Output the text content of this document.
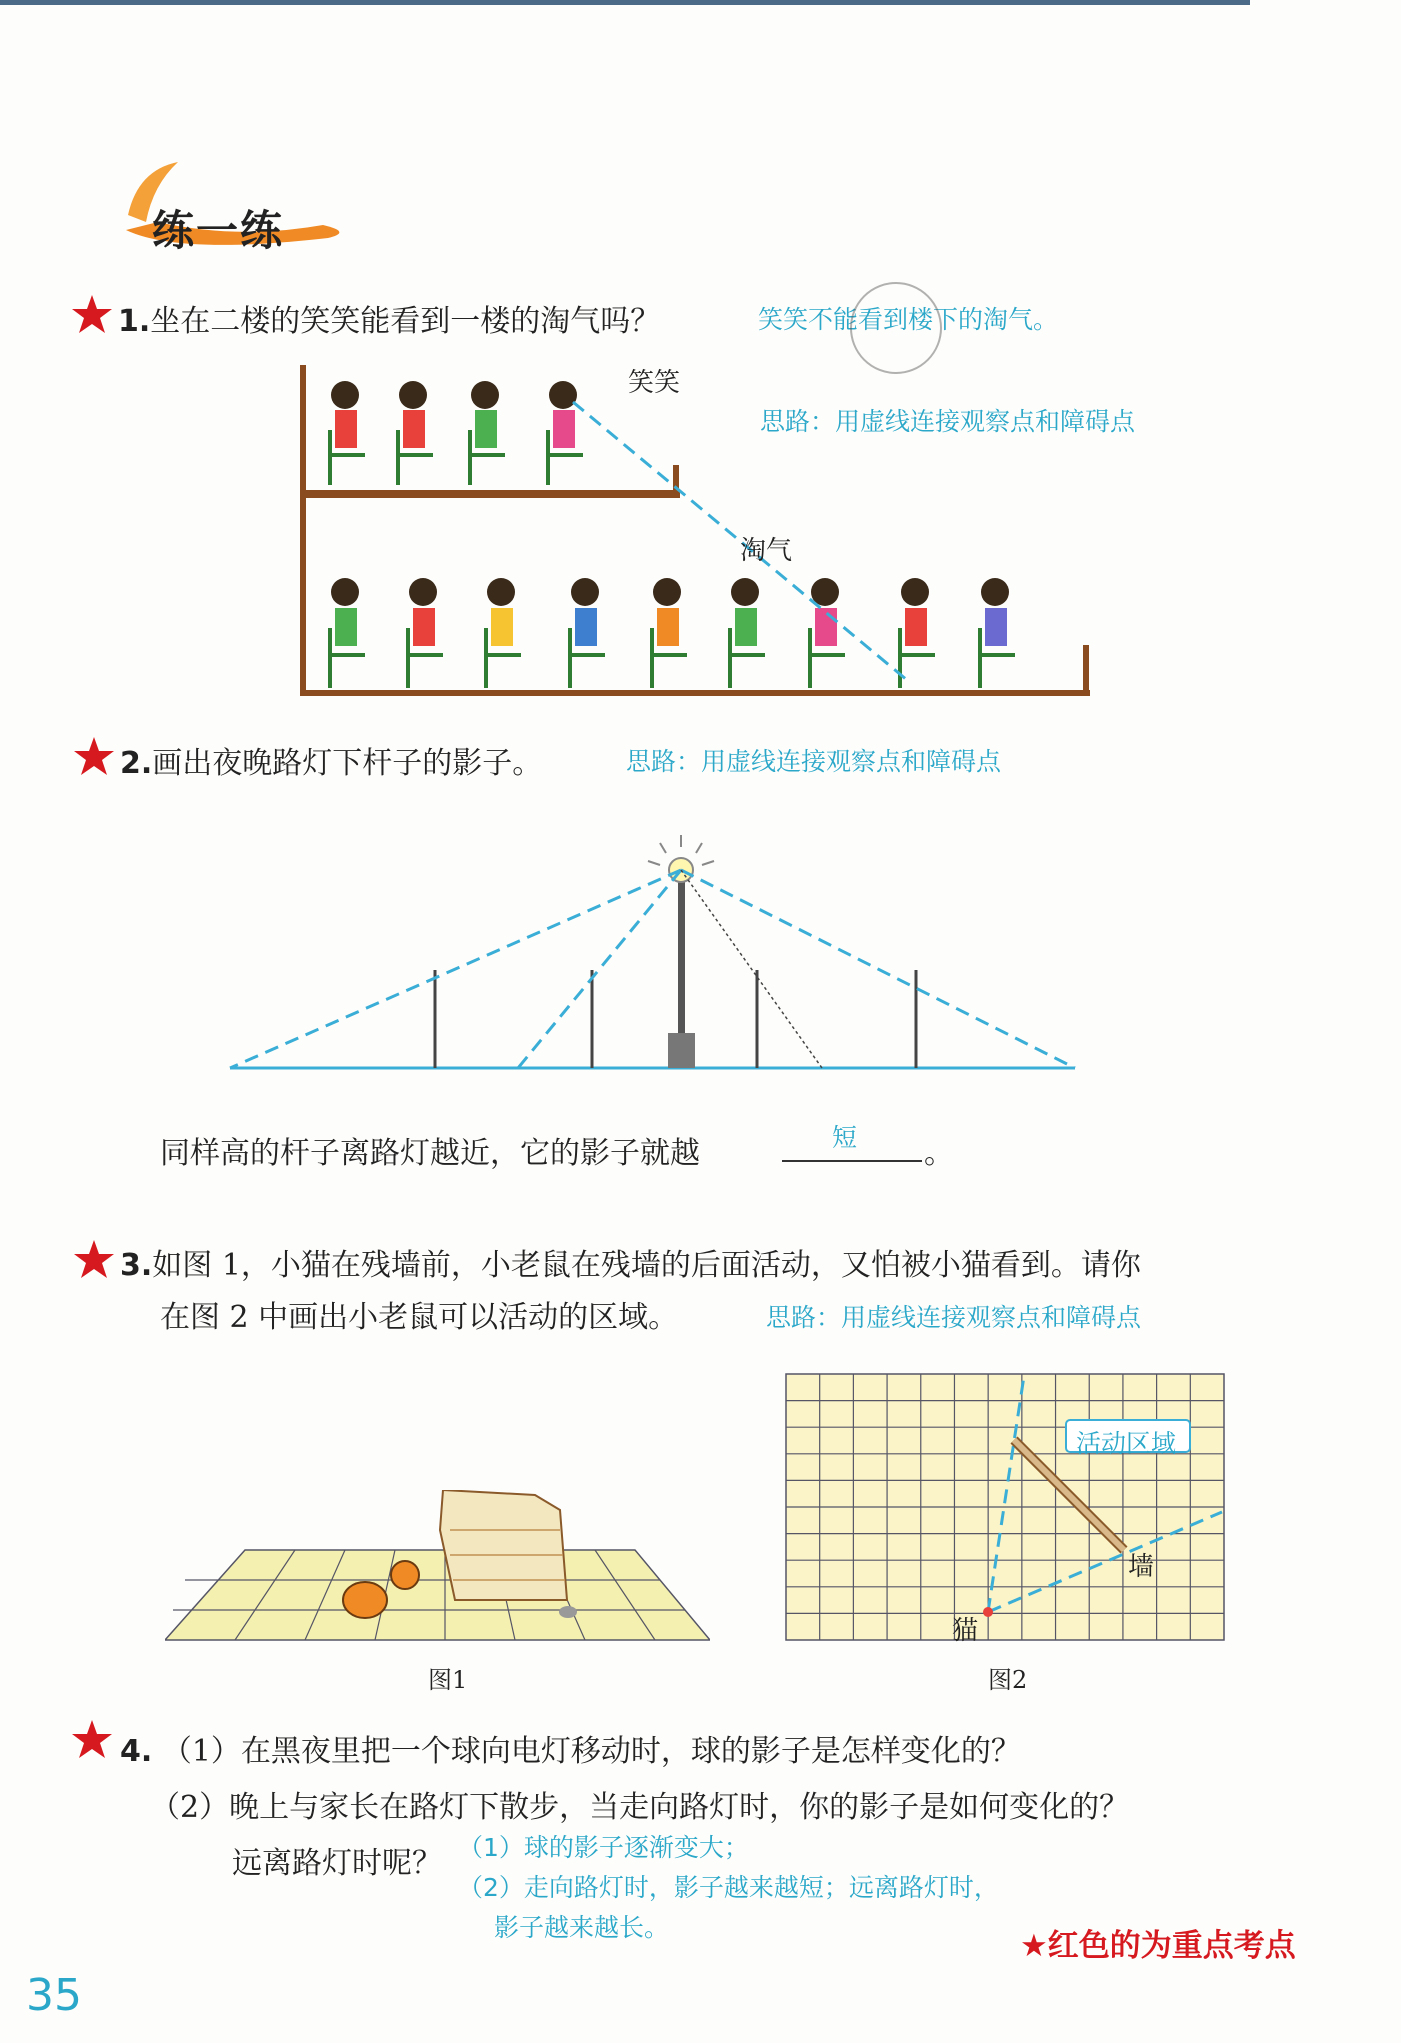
练一练
1.坐在二楼的笑笑能看到一楼的淘气吗？	笑笑不能看到楼下的淘气。
思路：用虚线连接观察点和障碍点
笑笑
淘气
2.画出夜晚路灯下杆子的影子。	思路：用虚线连接观察点和障碍点
同样高的杆子离路灯越近，它的影子就越	短 。
3.如图 1，小猫在残墙前，小老鼠在残墙的后面活动，又怕被小猫看到。请你
在图 2 中画出小老鼠可以活动的区域。	思路：用虚线连接观察点和障碍点
图1
活动区域
墙
猫
图2
4. （1）在黑夜里把一个球向电灯移动时，球的影子是怎样变化的？
（2）晚上与家长在路灯下散步，当走向路灯时，你的影子是如何变化的？
远离路灯时呢？ （1）球的影子逐渐变大；
（2）走向路灯时，影子越来越短；远离路灯时，
影子越来越长。
35
★红色的为重点考点
